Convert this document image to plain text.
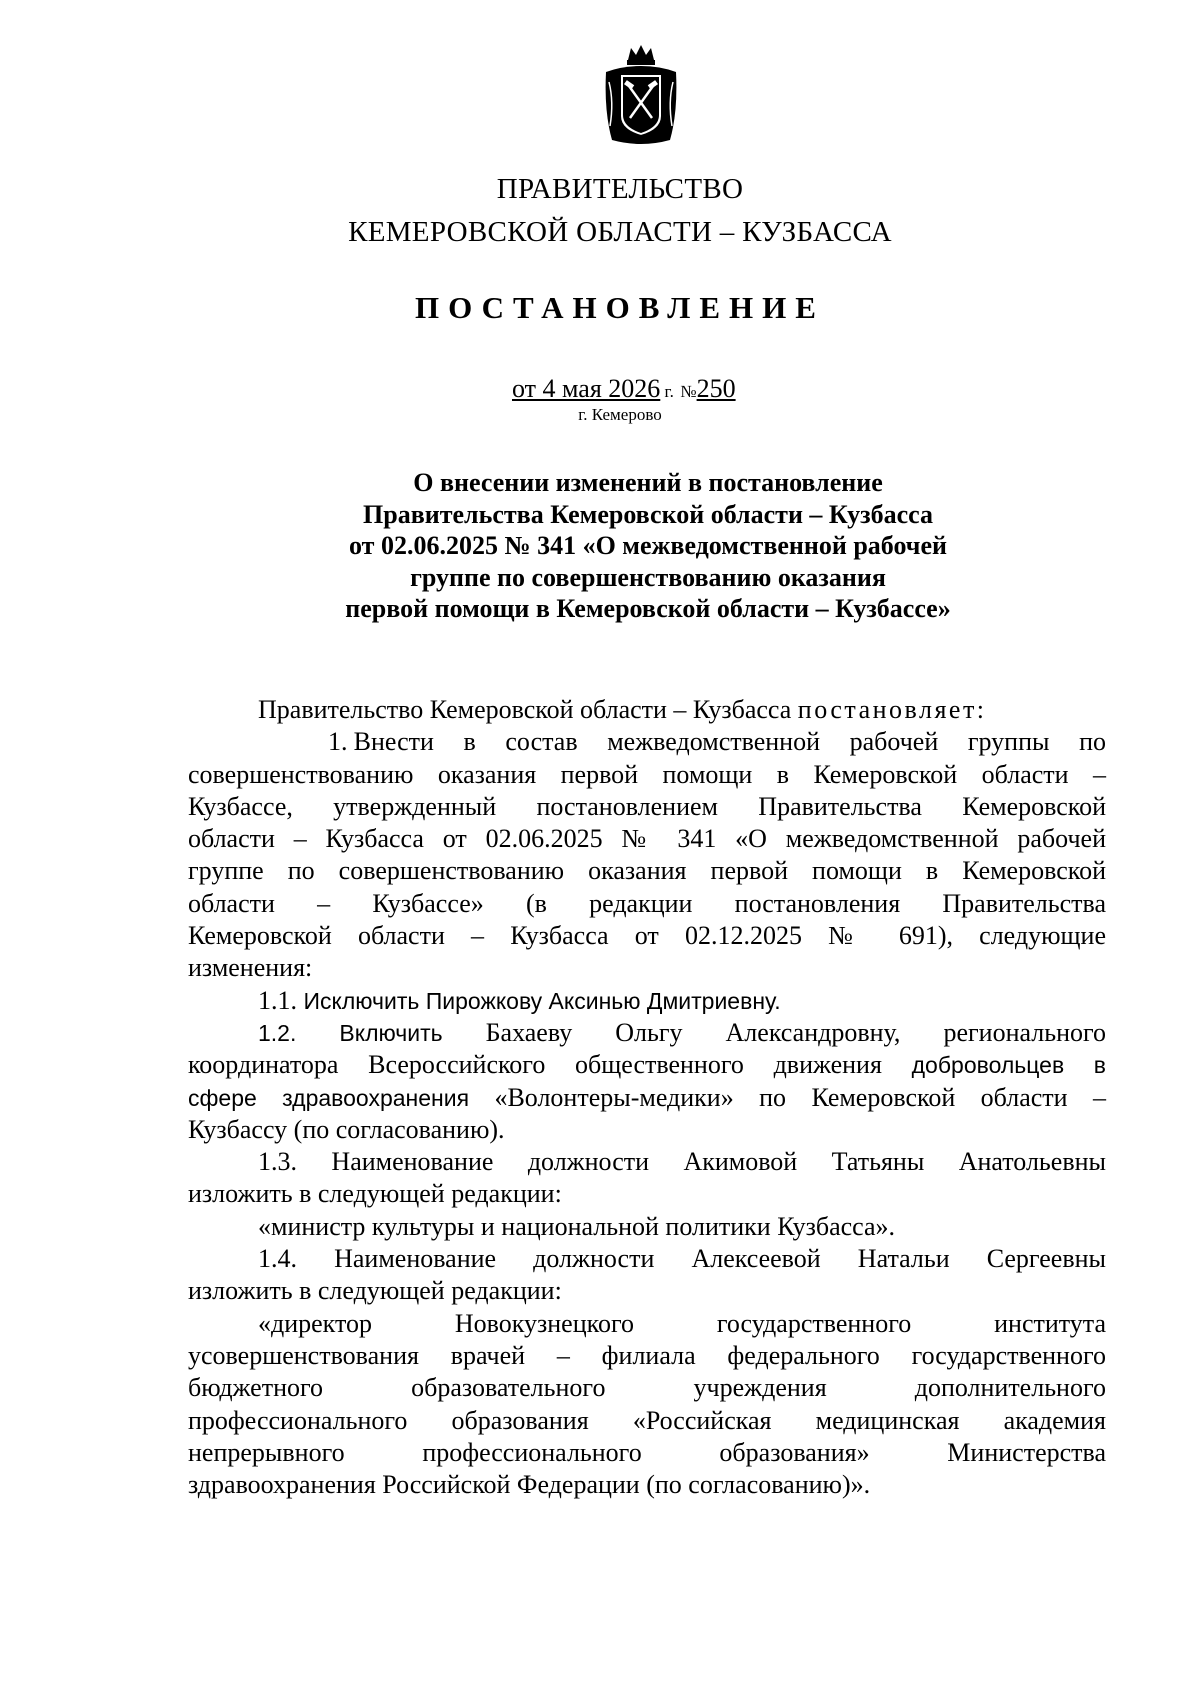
ПРАВИТЕЛЬСТВО
КЕМЕРОВСКОЙ ОБЛАСТИ – КУЗБАССА
ПОСТАНОВЛЕНИЕ
от 4 мая 2026 г. №250
г. Кемерово
О внесении изменений в постановление
Правительства Кемеровской области – Кузбасса
от 02.06.2025 № 341 «О межведомственной рабочей
группе по совершенствованию оказания
первой помощи в Кемеровской области – Кузбассе»
Правительство Кемеровской области – Кузбасса постановляет:
1. Внести в состав межведомственной рабочей группы по
совершенствованию оказания первой помощи в Кемеровской области –
Кузбассе, утвержденный постановлением Правительства Кемеровской
области – Кузбасса от 02.06.2025 № 341 «О межведомственной рабочей
группе по совершенствованию оказания первой помощи в Кемеровской
области – Кузбассе» (в редакции постановления Правительства
Кемеровской области – Кузбасса от 02.12.2025 № 691), следующие
изменения:
1.1. Исключить Пирожкову Аксинью Дмитриевну.
1.2. Включить Бахаеву Ольгу Александровну, регионального
координатора Всероссийского общественного движения добровольцев в
сфере здравоохранения «Волонтеры-медики» по Кемеровской области –
Кузбассу (по согласованию).
1.3. Наименование должности Акимовой Татьяны Анатольевны
изложить в следующей редакции:
«министр культуры и национальной политики Кузбасса».
1.4. Наименование должности Алексеевой Натальи Сергеевны
изложить в следующей редакции:
«директор Новокузнецкого государственного института
усовершенствования врачей – филиала федерального государственного
бюджетного образовательного учреждения дополнительного
профессионального образования «Российская медицинская академия
непрерывного профессионального образования» Министерства
здравоохранения Российской Федерации (по согласованию)».
